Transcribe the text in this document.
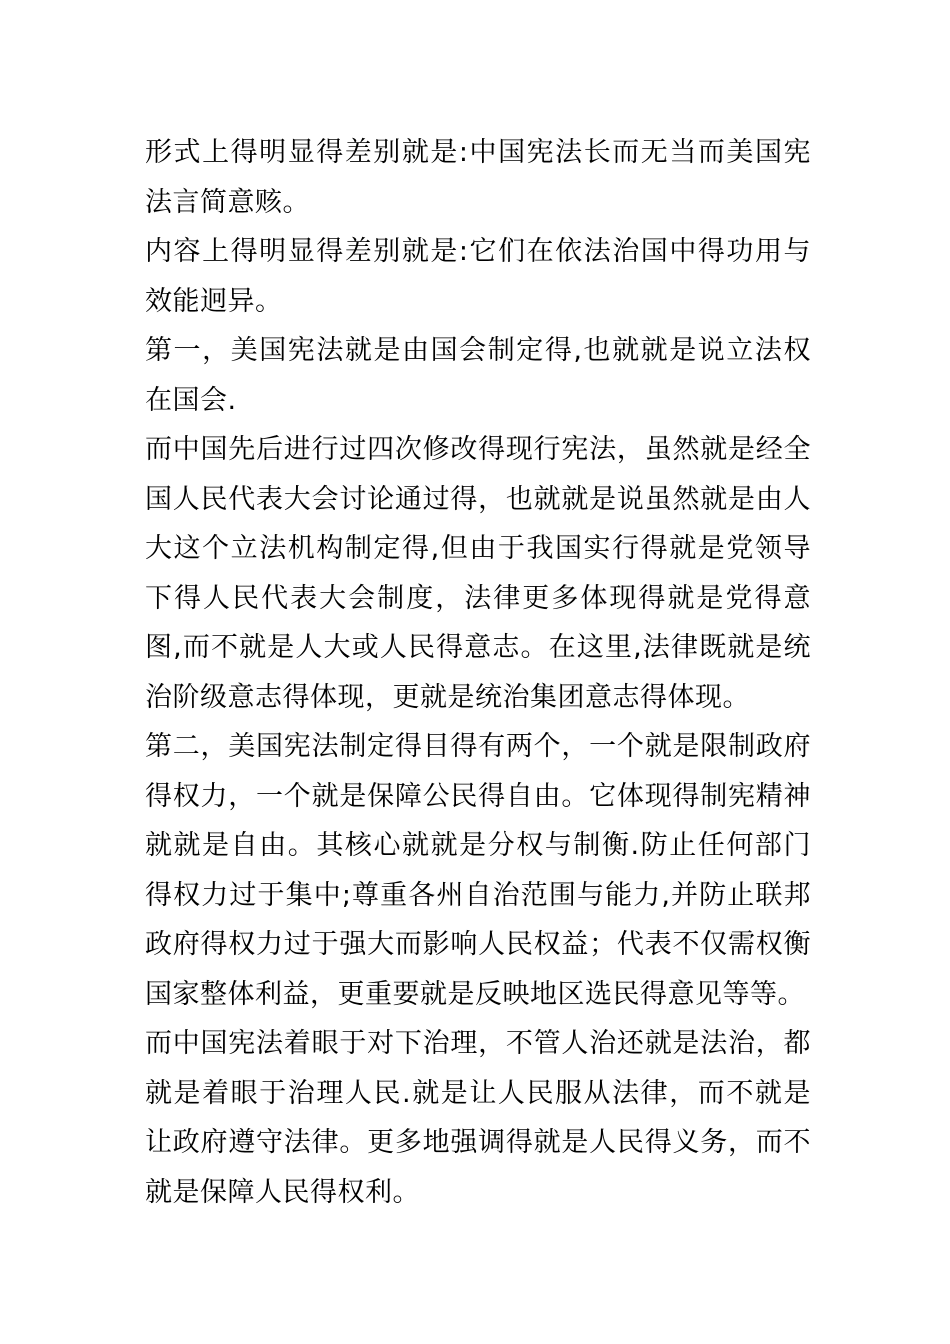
形式上得明显得差别就是:中国宪法长而无当而美国宪法言简意赅。

内容上得明显得差别就是:它们在依法治国中得功用与效能迥异。

第一，美国宪法就是由国会制定得,也就就是说立法权在国会.

而中国先后进行过四次修改得现行宪法，虽然就是经全国人民代表大会讨论通过得，也就就是说虽然就是由人大这个立法机构制定得,但由于我国实行得就是党领导下得人民代表大会制度，法律更多体现得就是党得意图,而不就是人大或人民得意志。在这里,法律既就是统治阶级意志得体现，更就是统治集团意志得体现。

第二，美国宪法制定得目得有两个，一个就是限制政府得权力，一个就是保障公民得自由。它体现得制宪精神就就是自由。其核心就就是分权与制衡.防止任何部门得权力过于集中;尊重各州自治范围与能力,并防止联邦政府得权力过于强大而影响人民权益；代表不仅需权衡国家整体利益，更重要就是反映地区选民得意见等等。

而中国宪法着眼于对下治理，不管人治还就是法治，都就是着眼于治理人民.就是让人民服从法律，而不就是让政府遵守法律。更多地强调得就是人民得义务，而不就是保障人民得权利。
